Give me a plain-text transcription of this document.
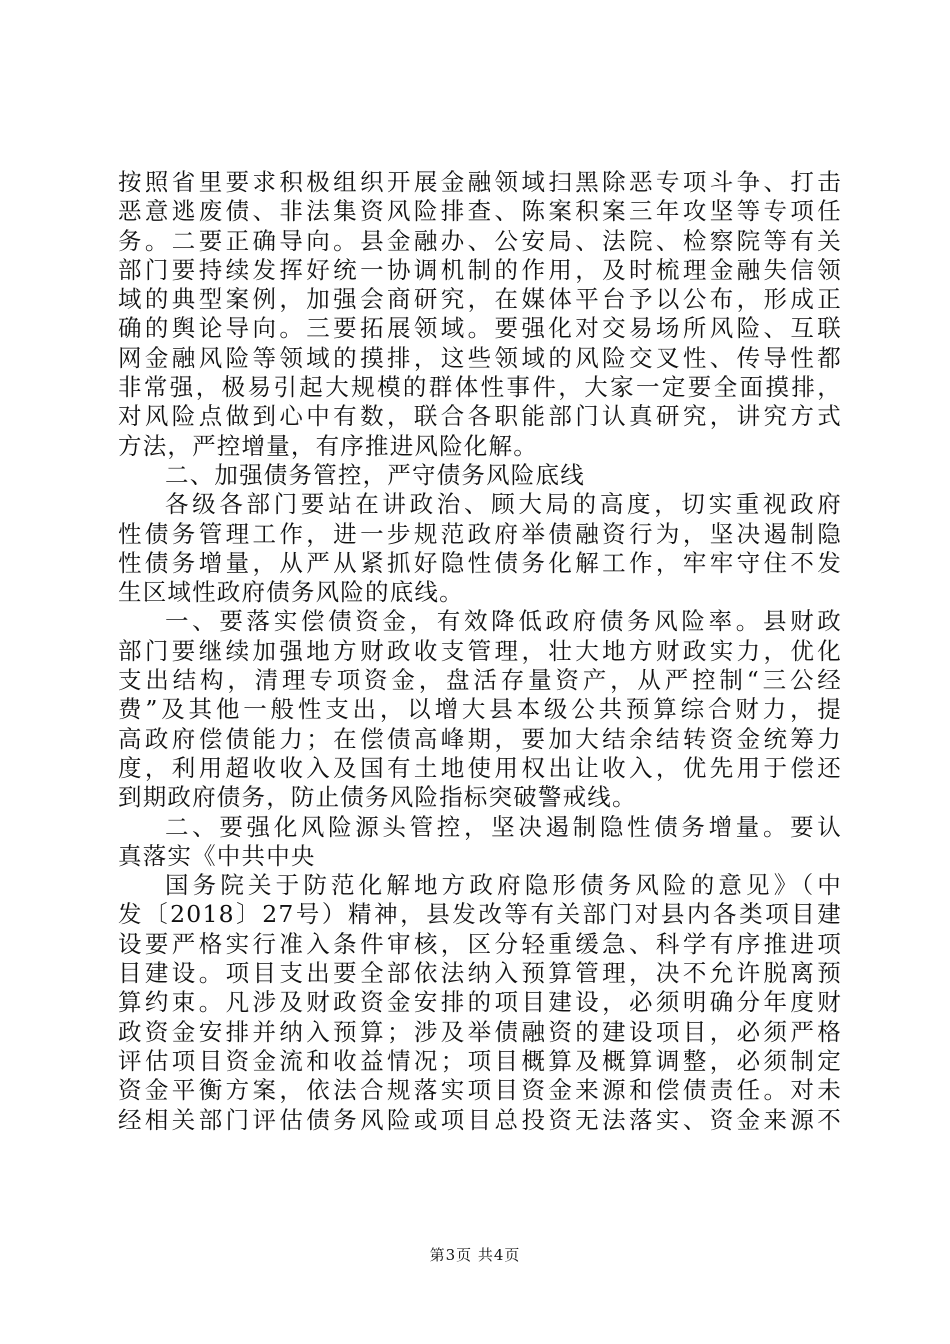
按照省里要求积极组织开展金融领域扫黑除恶专项斗争、打击
恶意逃废债、非法集资风险排查、陈案积案三年攻坚等专项任
务。二要正确导向。县金融办、公安局、法院、检察院等有关
部门要持续发挥好统一协调机制的作用，及时梳理金融失信领
域的典型案例，加强会商研究，在媒体平台予以公布，形成正
确的舆论导向。三要拓展领域。要强化对交易场所风险、互联
网金融风险等领域的摸排，这些领域的风险交叉性、传导性都
非常强，极易引起大规模的群体性事件，大家一定要全面摸排，
对风险点做到心中有数，联合各职能部门认真研究，讲究方式
方法，严控增量，有序推进风险化解。
二、加强债务管控，严守债务风险底线
各级各部门要站在讲政治、顾大局的高度，切实重视政府
性债务管理工作，进一步规范政府举债融资行为，坚决遏制隐
性债务增量，从严从紧抓好隐性债务化解工作，牢牢守住不发
生区域性政府债务风险的底线。
一、要落实偿债资金，有效降低政府债务风险率。县财政
部门要继续加强地方财政收支管理，壮大地方财政实力，优化
支出结构，清理专项资金，盘活存量资产，从严控制“三公经
费”及其他一般性支出，以增大县本级公共预算综合财力，提
高政府偿债能力；在偿债高峰期，要加大结余结转资金统筹力
度，利用超收收入及国有土地使用权出让收入，优先用于偿还
到期政府债务，防止债务风险指标突破警戒线。
二、要强化风险源头管控，坚决遏制隐性债务增量。要认
真落实《中共中央
国务院关于防范化解地方政府隐形债务风险的意见》（中
发〔2018〕27号）精神，县发改等有关部门对县内各类项目建
设要严格实行准入条件审核，区分轻重缓急、科学有序推进项
目建设。项目支出要全部依法纳入预算管理，决不允许脱离预
算约束。凡涉及财政资金安排的项目建设，必须明确分年度财
政资金安排并纳入预算；涉及举债融资的建设项目，必须严格
评估项目资金流和收益情况；项目概算及概算调整，必须制定
资金平衡方案，依法合规落实项目资金来源和偿债责任。对未
经相关部门评估债务风险或项目总投资无法落实、资金来源不
第3页 共4页
